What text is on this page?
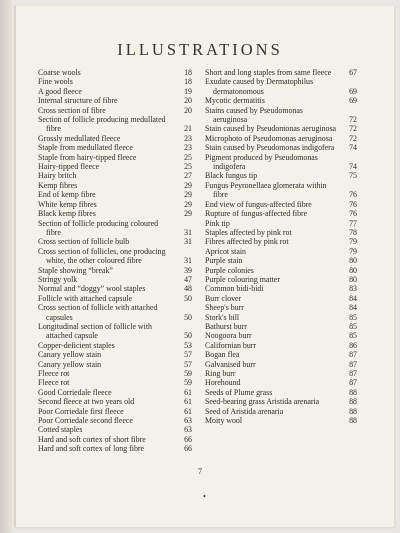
ILLUSTRATIONS
Coarse wools	18
Fine wools	18
A good fleece	19
Internal structure of fibre	20
Cross section of fibre	20
Section of follicle producing medullated fibre	21
Grossly medullated fleece	23
Staple from medullated fleece	23
Staple from hairy-tipped fleece	25
Hairy-tipped fleece	25
Hairy britch	27
Kemp fibres	29
End of kemp fibre	29
White kemp fibres	29
Black kemp fibres	29
Section of follicle producing coloured fibre	31
Cross section of follicle bulb	31
Cross section of follicles, one producing white, the other coloured fibre	31
Staple showing “break”	39
Stringy yolk	47
Normal and “doggy” wool staples	48
Follicle with attached capsule	50
Cross section of follicle with attached capsules	50
Longitudinal section of follicle with attached capsule	50
Copper-deficient staples	53
Canary yellow stain	57
Canary yellow stain	57
Fleece rot	59
Fleece rot	59
Good Corriedale fleece	61
Second fleece at two years old	61
Poor Corriedale first fleece	61
Poor Corriedale second fleece	63
Cotted staples	63
Hard and soft cortex of short fibre	66
Hard and soft cortex of long fibre	66
Short and long staples from same fleece	67
Exudate caused by Dermatophilus dermatonomous	69
Mycotic dermatitis	69
Stains caused by Pseudomonas aeruginosa	72
Stain caused by Pseudomonas aeruginosa	72
Microphoto of Pseudomonas aeruginosa	72
Stain caused by Pseudomonas indigofera	74
Pigment produced by Pseudomonas indigofera	74
Black fungus tip	75
Fungus Peyronellaea glomerata within fibre	76
End view of fungus-affected fibre	76
Rupture of fungus-affected fibre	76
Pink tip	77
Staples affected by pink rot	78
Fibres affected by pink rot	79
Apricot stain	79
Purple stain	80
Purple colonies	80
Purple colouring matter	80
Common bidi-bidi	83
Burr clover	84
Sheep's burr	84
Stork's bill	85
Bathurst burr	85
Noogoora burr	85
Californian burr	86
Bogan flea	87
Galvanised burr	87
Ring burr	87
Horehound	87
Seeds of Plume grass	88
Seed-bearing grass Aristida arenaria	88
Seed of Aristida arenaria	88
Moity wool	88
7
•
